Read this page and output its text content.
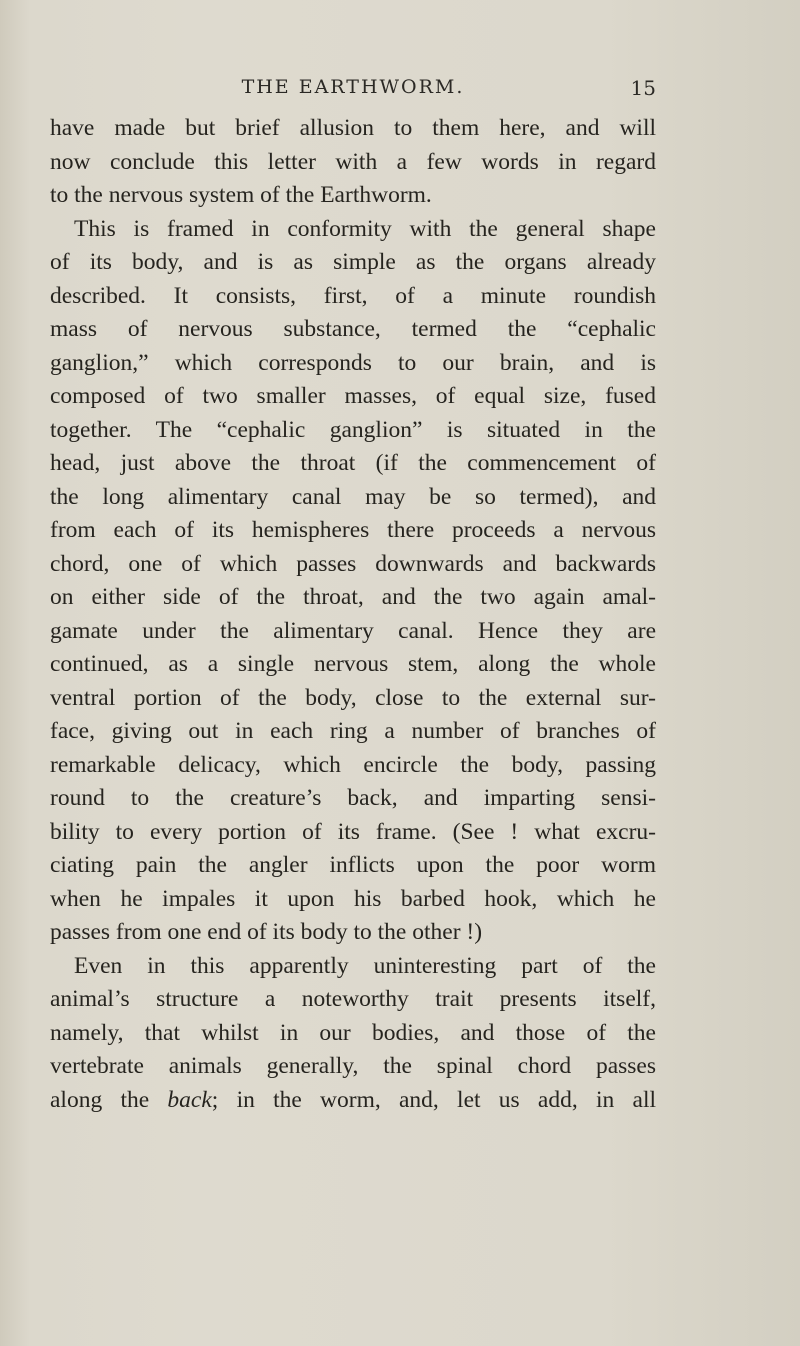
THE EARTHWORM.	15
have made but brief allusion to them here, and will
now conclude this letter with a few words in regard
to the nervous system of the Earthworm.
This is framed in conformity with the general shape
of its body, and is as simple as the organs already
described. It consists, first, of a minute roundish
mass of nervous substance, termed the “cephalic
ganglion,” which corresponds to our brain, and is
composed of two smaller masses, of equal size, fused
together. The “cephalic ganglion” is situated in the
head, just above the throat (if the commencement of
the long alimentary canal may be so termed), and
from each of its hemispheres there proceeds a nervous
chord, one of which passes downwards and backwards
on either side of the throat, and the two again amal-
gamate under the alimentary canal. Hence they are
continued, as a single nervous stem, along the whole
ventral portion of the body, close to the external sur-
face, giving out in each ring a number of branches of
remarkable delicacy, which encircle the body, passing
round to the creature’s back, and imparting sensi-
bility to every portion of its frame. (See ! what excru-
ciating pain the angler inflicts upon the poor worm
when he impales it upon his barbed hook, which he
passes from one end of its body to the other !)
Even in this apparently uninteresting part of the
animal’s structure a noteworthy trait presents itself,
namely, that whilst in our bodies, and those of the
vertebrate animals generally, the spinal chord passes
along the back; in the worm, and, let us add, in all
